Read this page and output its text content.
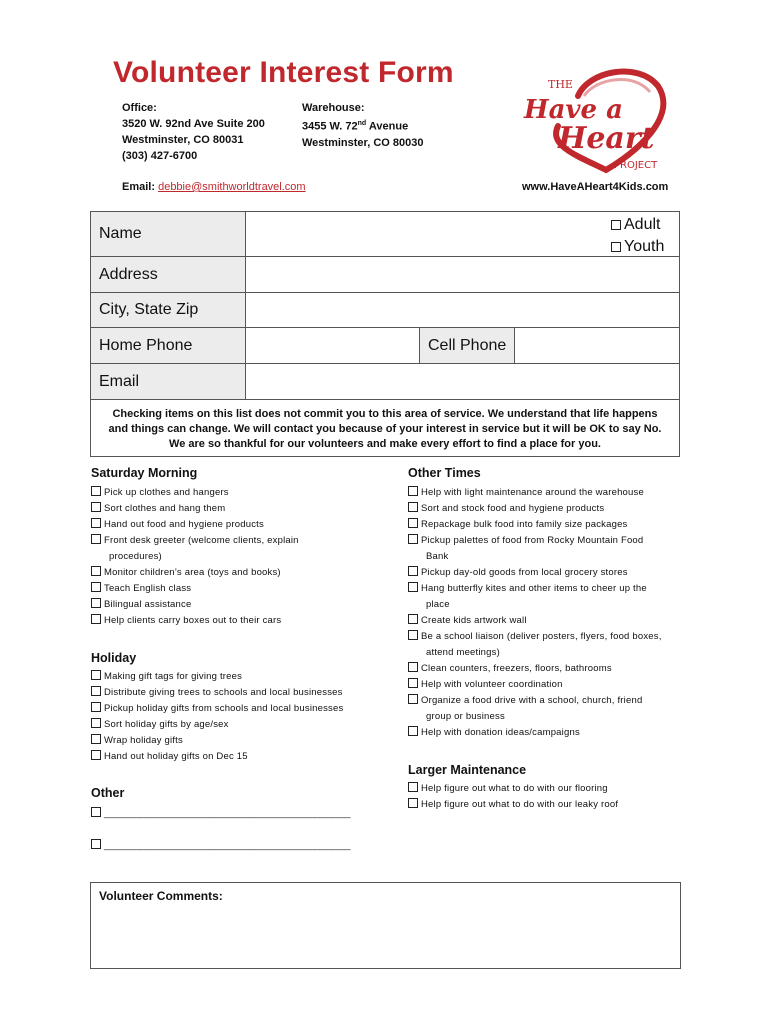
Volunteer Interest Form
Office:
3520 W. 92nd Ave Suite 200
Westminster, CO 80031
(303) 427-6700
Warehouse:
3455 W. 72nd Avenue
Westminster, CO 80030
Email: debbie@smithworldtravel.com	www.HaveAHeart4Kids.com
THE
Have a
Heart
PROJECT
Name
Adult
Youth
Address
City, State Zip
Home Phone	Cell Phone
Email
Checking items on this list does not commit you to this area of service. We understand that life happens
and things can change. We will contact you because of your interest in service but it will be OK to say No.
We are so thankful for our volunteers and make every effort to find a place for you.
Saturday Morning
Pick up clothes and hangers
Sort clothes and hang them
Hand out food and hygiene products
Front desk greeter (welcome clients, explain
procedures)
Monitor children’s area (toys and books)
Teach English class
Bilingual assistance
Help clients carry boxes out to their cars
Holiday
Making gift tags for giving trees
Distribute giving trees to schools and local businesses
Pickup holiday gifts from schools and local businesses
Sort holiday gifts by age/sex
Wrap holiday gifts
Hand out holiday gifts on Dec 15
Other
_____________________________________________
_____________________________________________
Other Times
Help with light maintenance around the warehouse
Sort and stock food and hygiene products
Repackage bulk food into family size packages
Pickup palettes of food from Rocky Mountain Food
Bank
Pickup day-old goods from local grocery stores
Hang butterfly kites and other items to cheer up the
place
Create kids artwork wall
Be a school liaison (deliver posters, flyers, food boxes,
attend meetings)
Clean counters, freezers, floors, bathrooms
Help with volunteer coordination
Organize a food drive with a school, church, friend
group or business
Help with donation ideas/campaigns
Larger Maintenance
Help figure out what to do with our flooring
Help figure out what to do with our leaky roof
Volunteer Comments:
